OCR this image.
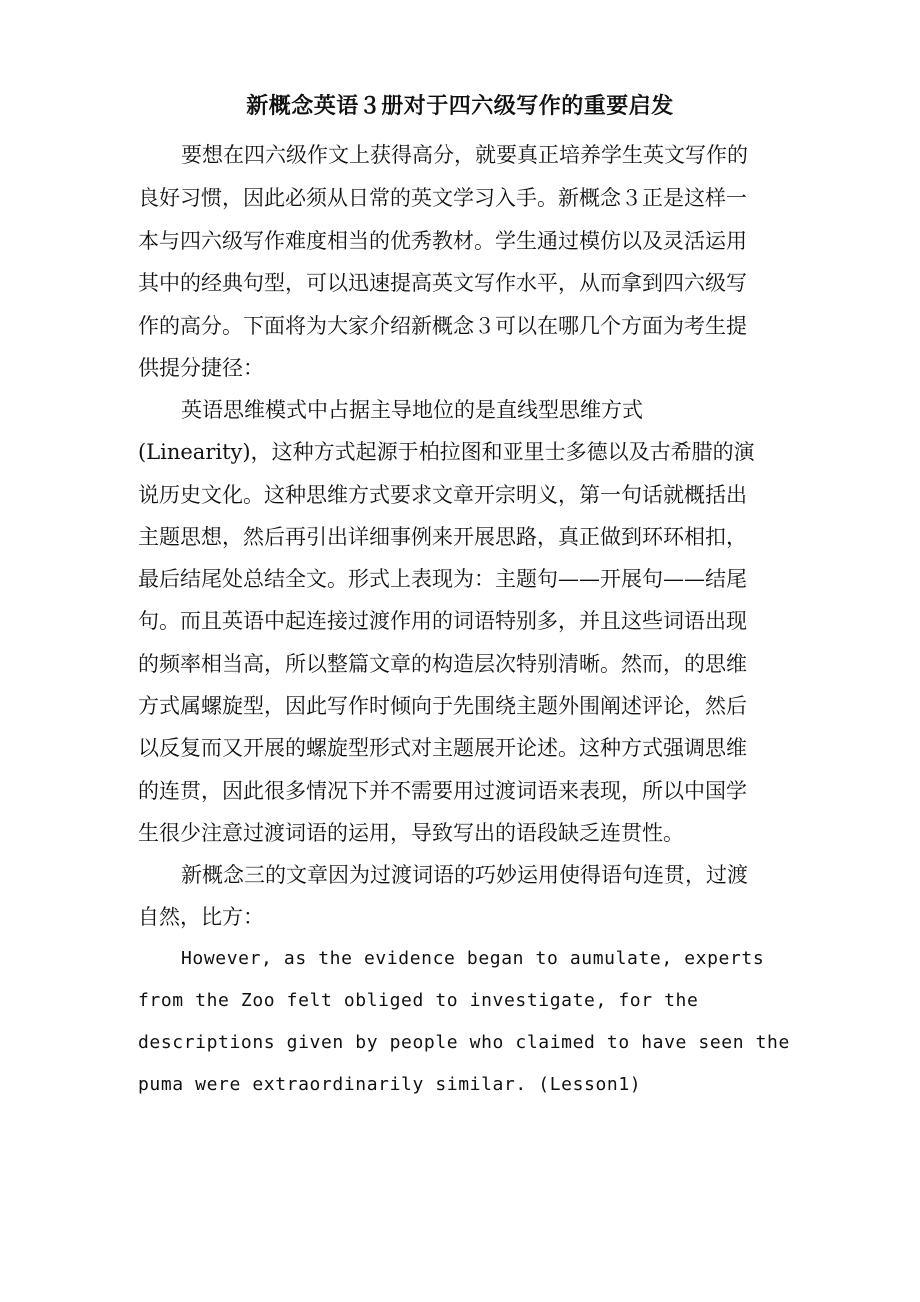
新概念英语３册对于四六级写作的重要启发

要想在四六级作文上获得高分，就要真正培养学生英文写作的

良好习惯，因此必须从日常的英文学习入手。新概念３正是这样一

本与四六级写作难度相当的优秀教材。学生通过模仿以及灵活运用

其中的经典句型，可以迅速提高英文写作水平，从而拿到四六级写

作的高分。下面将为大家介绍新概念３可以在哪几个方面为考生提

供提分捷径：

英语思维模式中占据主导地位的是直线型思维方式

(Linearity)，这种方式起源于柏拉图和亚里士多德以及古希腊的演

说历史文化。这种思维方式要求文章开宗明义，第一句话就概括出

主题思想，然后再引出详细事例来开展思路，真正做到环环相扣，

最后结尾处总结全文。形式上表现为：主题句——开展句——结尾

句。而且英语中起连接过渡作用的词语特别多，并且这些词语出现

的频率相当高，所以整篇文章的构造层次特别清晰。然而，的思维

方式属螺旋型，因此写作时倾向于先围绕主题外围阐述评论，然后

以反复而又开展的螺旋型形式对主题展开论述。这种方式强调思维

的连贯，因此很多情况下并不需要用过渡词语来表现，所以中国学

生很少注意过渡词语的运用，导致写出的语段缺乏连贯性。

新概念三的文章因为过渡词语的巧妙运用使得语句连贯，过渡

自然，比方：

However, as the evidence began to aumulate, experts

from the Zoo felt obliged to investigate, for the

descriptions given by people who claimed to have seen the

puma were extraordinarily similar. (Lesson1)
